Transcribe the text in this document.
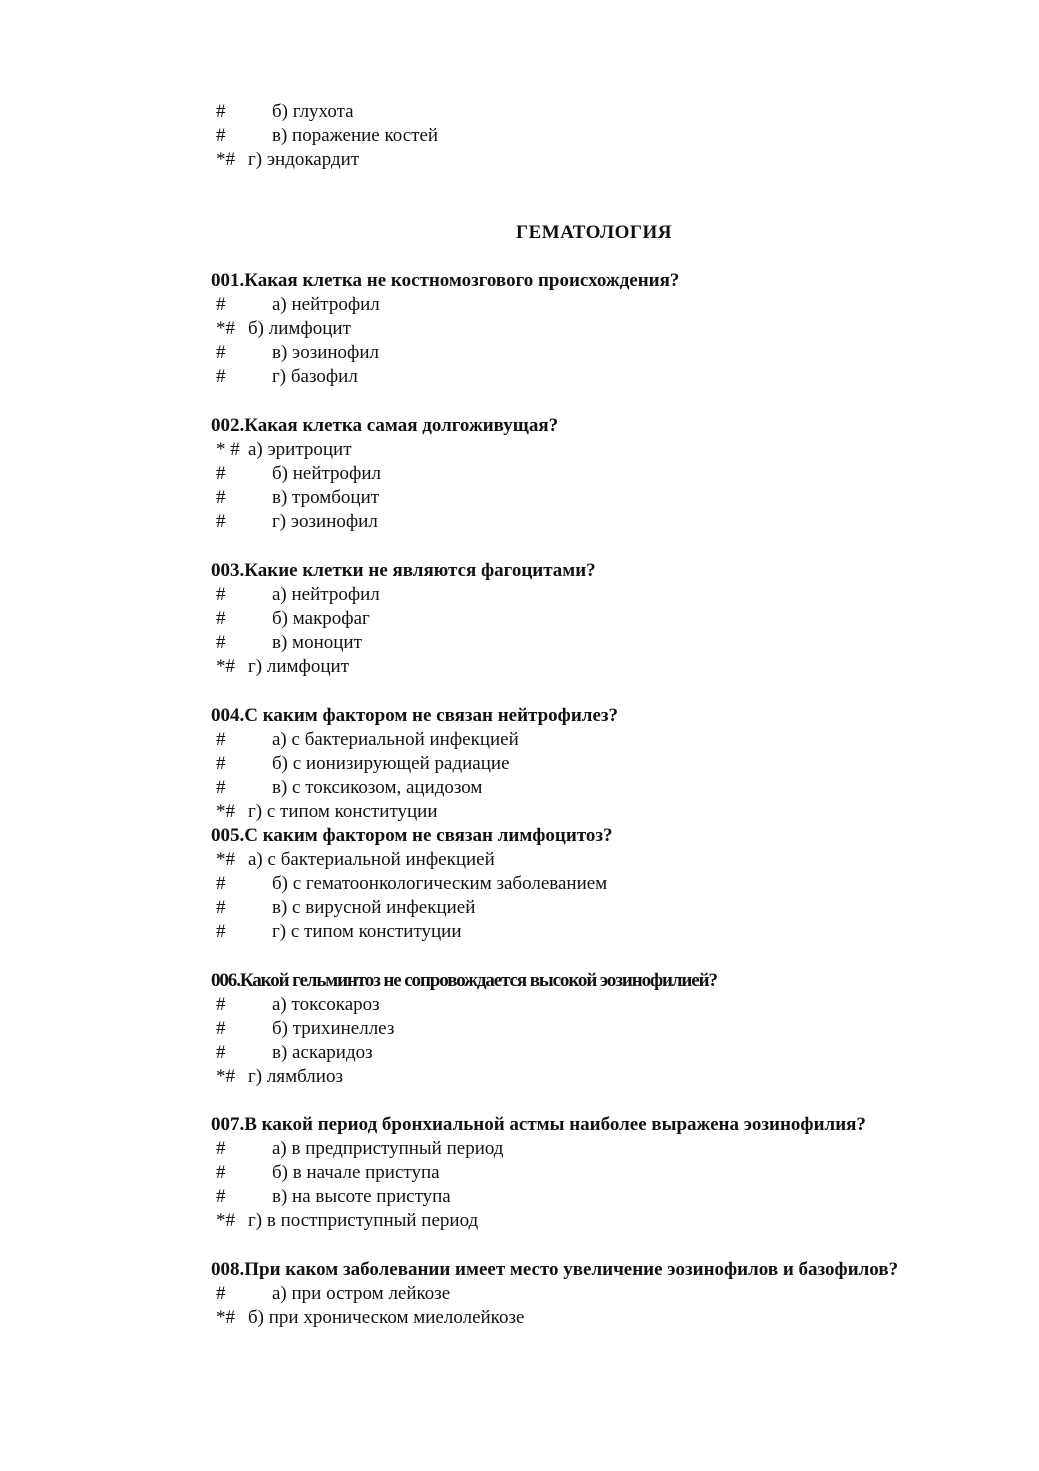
# б) глухота
# в) поражение костей
*# г) эндокардит
ГЕМАТОЛОГИЯ
001.Какая клетка не костномозгового происхождения?
# а) нейтрофил
*# б) лимфоцит
# в) эозинофил
# г) базофил
002.Какая клетка самая долгоживущая?
* # а) эритроцит
# б) нейтрофил
# в) тромбоцит
# г) эозинофил
003.Какие клетки не являются фагоцитами?
# а) нейтрофил
# б) макрофаг
# в) моноцит
*# г) лимфоцит
004.С каким фактором не связан нейтрофилез?
# а) с бактериальной инфекцией
# б) с ионизирующей радиацие
# в) с токсикозом, ацидозом
*# г) с типом конституции
005.С каким фактором не связан лимфоцитоз?
*# а) с бактериальной инфекцией
# б) с гематоонкологическим заболеванием
# в) с вирусной инфекцией
# г) с типом конституции
006.Какой гельминтоз не сопровождается высокой эозинофилией?
# а) токсокароз
# б) трихинеллез
# в) аскаридоз
*# г) лямблиоз
007.В какой период бронхиальной астмы наиболее выражена эозинофилия?
# а) в предприступный период
# б) в начале приступа
# в) на высоте приступа
*# г) в постприступный период
008.При каком заболевании имеет место увеличение эозинофилов и базофилов?
# а) при остром лейкозе
*# б) при хроническом миелолейкозе
